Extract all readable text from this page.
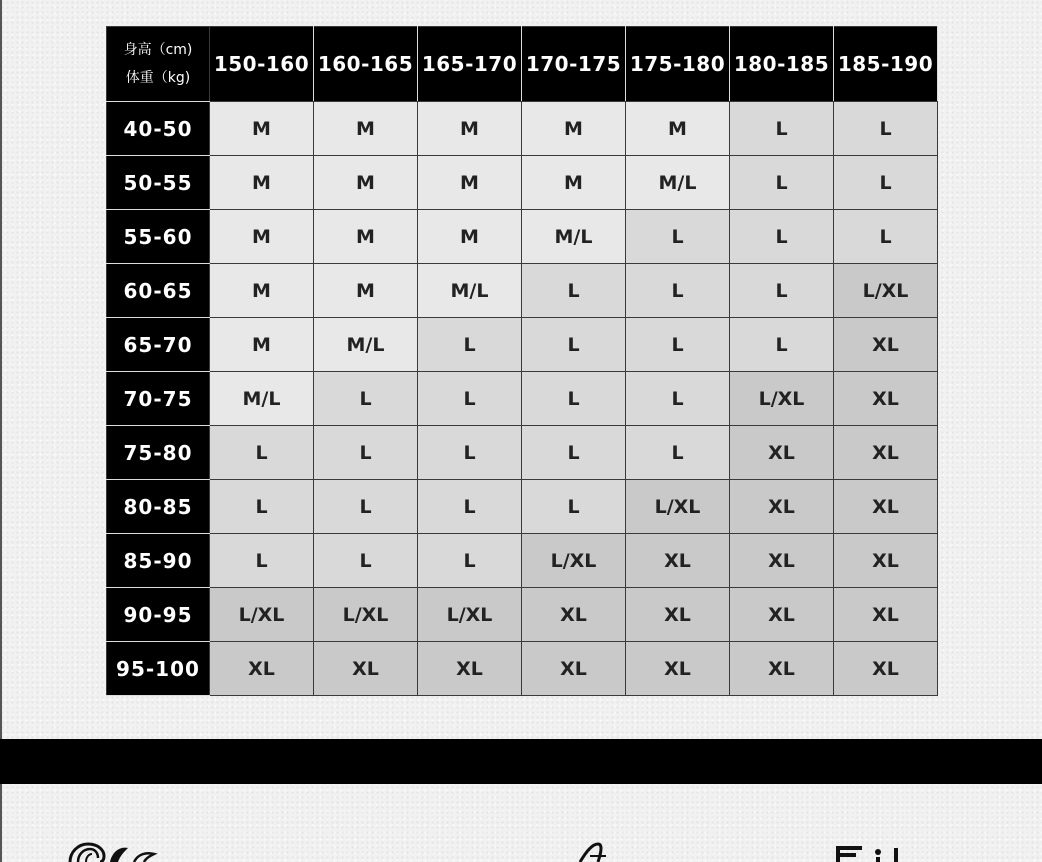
身高（cm)
体重（kg)	150-160	160-165	165-170	170-175	175-180	180-185	185-190
40-50	M	M	M	M	M	L	L
50-55	M	M	M	M	M/L	L	L
55-60	M	M	M	M/L	L	L	L
60-65	M	M	M/L	L	L	L	L/XL
65-70	M	M/L	L	L	L	L	XL
70-75	M/L	L	L	L	L	L/XL	XL
75-80	L	L	L	L	L	XL	XL
80-85	L	L	L	L	L/XL	XL	XL
85-90	L	L	L	L/XL	XL	XL	XL
90-95	L/XL	L/XL	L/XL	XL	XL	XL	XL
95-100	XL	XL	XL	XL	XL	XL	XL
